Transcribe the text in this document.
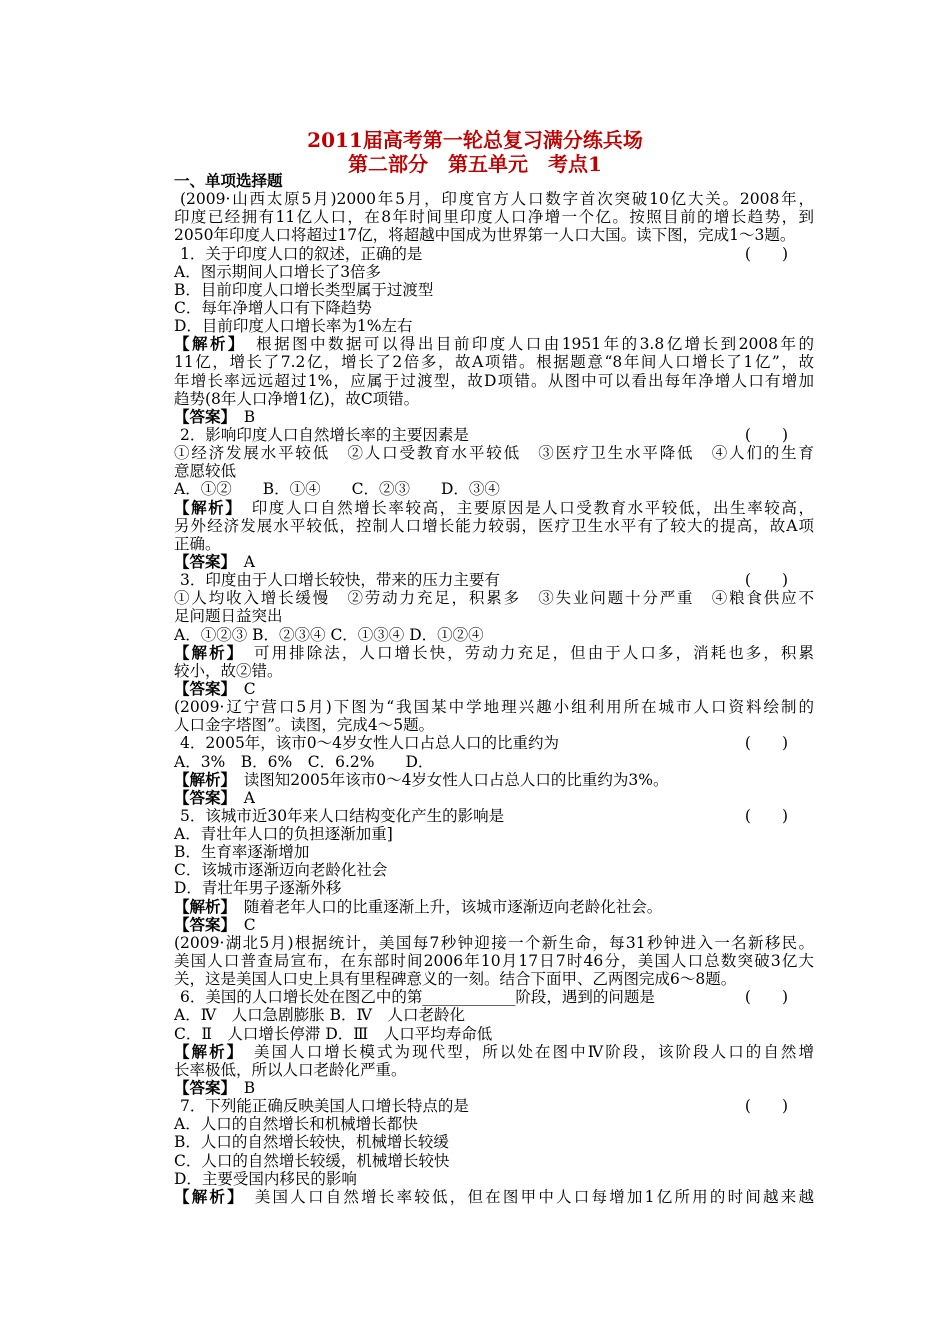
2011届高考第一轮总复习满分练兵场
第二部分　第五单元　考点1
一、单项选择题
(2009·山西太原5月)2000年5月，印度官方人口数字首次突破10亿大关。2008年，
印度已经拥有11亿人口，在8年时间里印度人口净增一个亿。按照目前的增长趋势，到
2050年印度人口将超过17亿，将超越中国成为世界第一人口大国。读下图，完成1～3题。
1．关于印度人口的叙述，正确的是	(　　)
A．图示期间人口增长了3倍多
B．目前印度人口增长类型属于过渡型
C．每年净增人口有下降趋势
D．目前印度人口增长率为1%左右
【解析】　根据图中数据可以得出目前印度人口由1951年的3.8亿增长到2008年的
11亿，增长了7.2亿，增长了2倍多，故A项错。根据题意“8年间人口增长了1亿”，故
年增长率远远超过1%，应属于过渡型，故D项错。从图中可以看出每年净增人口有增加
趋势(8年人口净增1亿)，故C项错。
【答案】　B
2．影响印度人口自然增长率的主要因素是	(　　)
①经济发展水平较低　②人口受教育水平较低　③医疗卫生水平降低　④人们的生育
意愿较低
A．①②　　B．①④　　C．②③　　D．③④
【解析】　印度人口自然增长率较高，主要原因是人口受教育水平较低，出生率较高，
另外经济发展水平较低，控制人口增长能力较弱，医疗卫生水平有了较大的提高，故A项
正确。
【答案】　A
3．印度由于人口增长较快，带来的压力主要有	(　　)
①人均收入增长缓慢　②劳动力充足，积累多　③失业问题十分严重　④粮食供应不
足问题日益突出
A．①②③ B．②③④ C．①③④ D．①②④
【解析】　可用排除法，人口增长快，劳动力充足，但由于人口多，消耗也多，积累
较小，故②错。
【答案】　C
(2009·辽宁营口5月)下图为“我国某中学地理兴趣小组利用所在城市人口资料绘制的
人口金字塔图”。读图，完成4～5题。
4．2005年，该市0～4岁女性人口占总人口的比重约为	(　　)
A．3%　B．6%　C．6.2%　　D．
【解析】　读图知2005年该市0～4岁女性人口占总人口的比重约为3%。
【答案】　A
5．该城市近30年来人口结构变化产生的影响是	(　　)
A．青壮年人口的负担逐渐加重]
B．生育率逐渐增加
C．该城市逐渐迈向老龄化社会
D．青壮年男子逐渐外移
【解析】　随着老年人口的比重逐渐上升，该城市逐渐迈向老龄化社会。
【答案】　C
(2009·湖北5月)根据统计，美国每7秒钟迎接一个新生命，每31秒钟进入一名新移民。
美国人口普查局宣布，在东部时间2006年10月17日7时46分，美国人口总数突破3亿大
关，这是美国人口史上具有里程碑意义的一刻。结合下面甲、乙两图完成6～8题。
6．美国的人口增长处在图乙中的第____________阶段，遇到的问题是	(　　)
A．Ⅳ　人口急剧膨胀 B．Ⅳ　人口老龄化
C．Ⅱ　人口增长停滞 D．Ⅲ　人口平均寿命低
【解析】　美国人口增长模式为现代型，所以处在图中Ⅳ阶段，该阶段人口的自然增
长率极低，所以人口老龄化严重。
【答案】　B
7．下列能正确反映美国人口增长特点的是	(　　)
A．人口的自然增长和机械增长都快
B．人口的自然增长较快，机械增长较缓
C．人口的自然增长较缓，机械增长较快
D．主要受国内移民的影响
【解析】　美国人口自然增长率较低，但在图甲中人口每增加1亿所用的时间越来越
